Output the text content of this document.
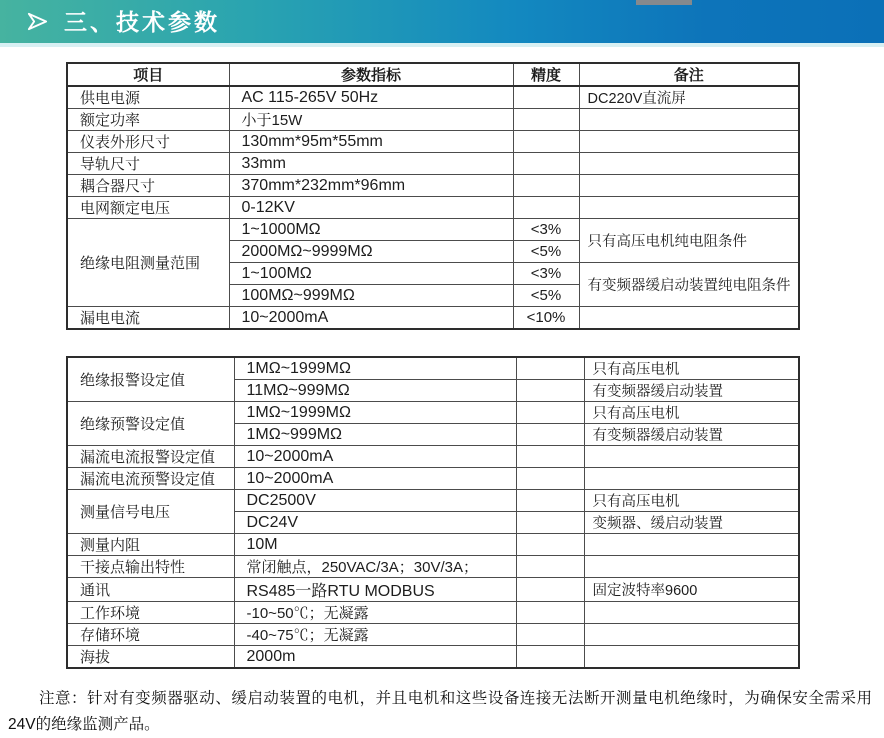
三、技术参数
项目	参数指标	精度	备注
供电电源	AC 115-265V 50Hz		DC220V直流屏
额定功率	小于15W		
仪表外形尺寸	130mm*95m*55mm		
导轨尺寸	33mm		
耦合器尺寸	370mm*232mm*96mm		
电网额定电压	0-12KV		
绝缘电阻测量范围	1~1000MΩ	<3%	只有高压电机纯电阻条件
	2000MΩ~9999MΩ	<5%	
	1~100MΩ	<3%	有变频器缓启动装置纯电阻条件
	100MΩ~999MΩ	<5%	
漏电电流	10~2000mA	<10%	
绝缘报警设定值	1MΩ~1999MΩ		只有高压电机
	11MΩ~999MΩ		有变频器缓启动装置
绝缘预警设定值	1MΩ~1999MΩ		只有高压电机
	1MΩ~999MΩ		有变频器缓启动装置
漏流电流报警设定值	10~2000mA		
漏流电流预警设定值	10~2000mA		
测量信号电压	DC2500V		只有高压电机
	DC24V		变频器、缓启动装置
测量内阻	10M		
干接点输出特性	常闭触点，250VAC/3A；30V/3A；		
通讯	RS485一路RTU MODBUS		固定波特率9600
工作环境	-10~50℃；无凝露		
存储环境	-40~75℃；无凝露		
海拔	2000m		
注意：针对有变频器驱动、缓启动装置的电机，并且电机和这些设备连接无法断开测量电机绝缘时，为确保安全需采用24V的绝缘监测产品。
